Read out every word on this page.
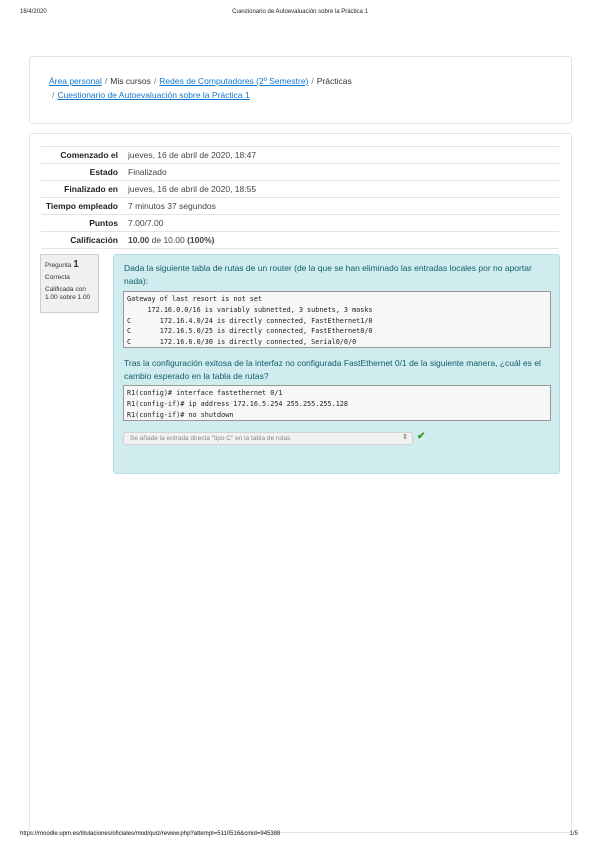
16/4/2020	Cuestionario de Autoevaluación sobre la Práctica 1
Área personal / Mis cursos / Redes de Computadores (2º Semestre) / Prácticas
/ Cuestionario de Autoevaluación sobre la Práctica 1
Comenzado el	jueves, 16 de abril de 2020, 18:47
Estado	Finalizado
Finalizado en	jueves, 16 de abril de 2020, 18:55
Tiempo empleado	7 minutos 37 segundos
Puntos	7.00/7.00
Calificación	10.00 de 10.00 (100%)
Pregunta 1
Correcta
Calificada con 1.00 sobre 1.00
Dada la siguiente tabla de rutas de un router (de la que se han eliminado las entradas locales por no aportar nada):
Gateway of last resort is not set
172.16.0.0/16 is variably subnetted, 3 subnets, 3 masks
C       172.16.4.0/24 is directly connected, FastEthernet1/0
C       172.16.5.0/25 is directly connected, FastEthernet0/0
C       172.16.6.0/30 is directly connected, Serial0/0/0
Tras la configuración exitosa de la interfaz no configurada FastEthernet 0/1 de la siguiente manera, ¿cuál es el cambio esperado en la tabla de rutas?
R1(config)# interface fastethernet 0/1
R1(config-if)# ip address 172.16.5.254 255.255.255.128
R1(config-if)# no shutdown
Se añade la entrada directa "tipo C" en la tabla de rutas	⇕ ✔
https://moodle.upm.es/titulaciones/oficiales/mod/quiz/review.php?attempt=5110516&cmid=945388	1/5
